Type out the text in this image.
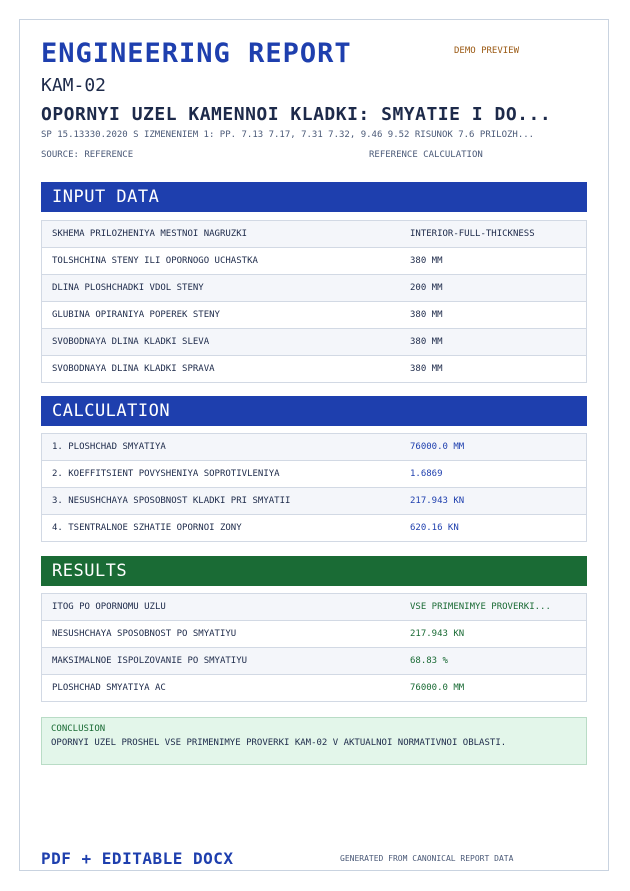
ENGINEERING REPORT	DEMO PREVIEW
KAM-02
OPORNYI UZEL KAMENNOI KLADKI: SMYATIE I DO...
SP 15.13330.2020 S IZMENENIEM 1: PP. 7.13 7.17, 7.31 7.32, 9.46 9.52 RISUNOK 7.6 PRILOZH...
SOURCE: REFERENCE	REFERENCE CALCULATION
INPUT DATA
SKHEMA PRILOZHENIYA MESTNOI NAGRUZKI	INTERIOR-FULL-THICKNESS
TOLSHCHINA STENY ILI OPORNOGO UCHASTKA	380 MM
DLINA PLOSHCHADKI VDOL STENY	200 MM
GLUBINA OPIRANIYA POPEREK STENY	380 MM
SVOBODNAYA DLINA KLADKI SLEVA	380 MM
SVOBODNAYA DLINA KLADKI SPRAVA	380 MM
CALCULATION
1. PLOSHCHAD SMYATIYA	76000.0 MM
2. KOEFFITSIENT POVYSHENIYA SOPROTIVLENIYA	1.6869
3. NESUSHCHAYA SPOSOBNOST KLADKI PRI SMYATII	217.943 KN
4. TSENTRALNOE SZHATIE OPORNOI ZONY	620.16 KN
RESULTS
ITOG PO OPORNOMU UZLU	VSE PRIMENIMYE PROVERKI...
NESUSHCHAYA SPOSOBNOST PO SMYATIYU	217.943 KN
MAKSIMALNOE ISPOLZOVANIE PO SMYATIYU	68.83 %
PLOSHCHAD SMYATIYA AC	76000.0 MM
CONCLUSION
OPORNYI UZEL PROSHEL VSE PRIMENIMYE PROVERKI KAM-02 V AKTUALNOI NORMATIVNOI OBLASTI.
PDF + EDITABLE DOCX	GENERATED FROM CANONICAL REPORT DATA
